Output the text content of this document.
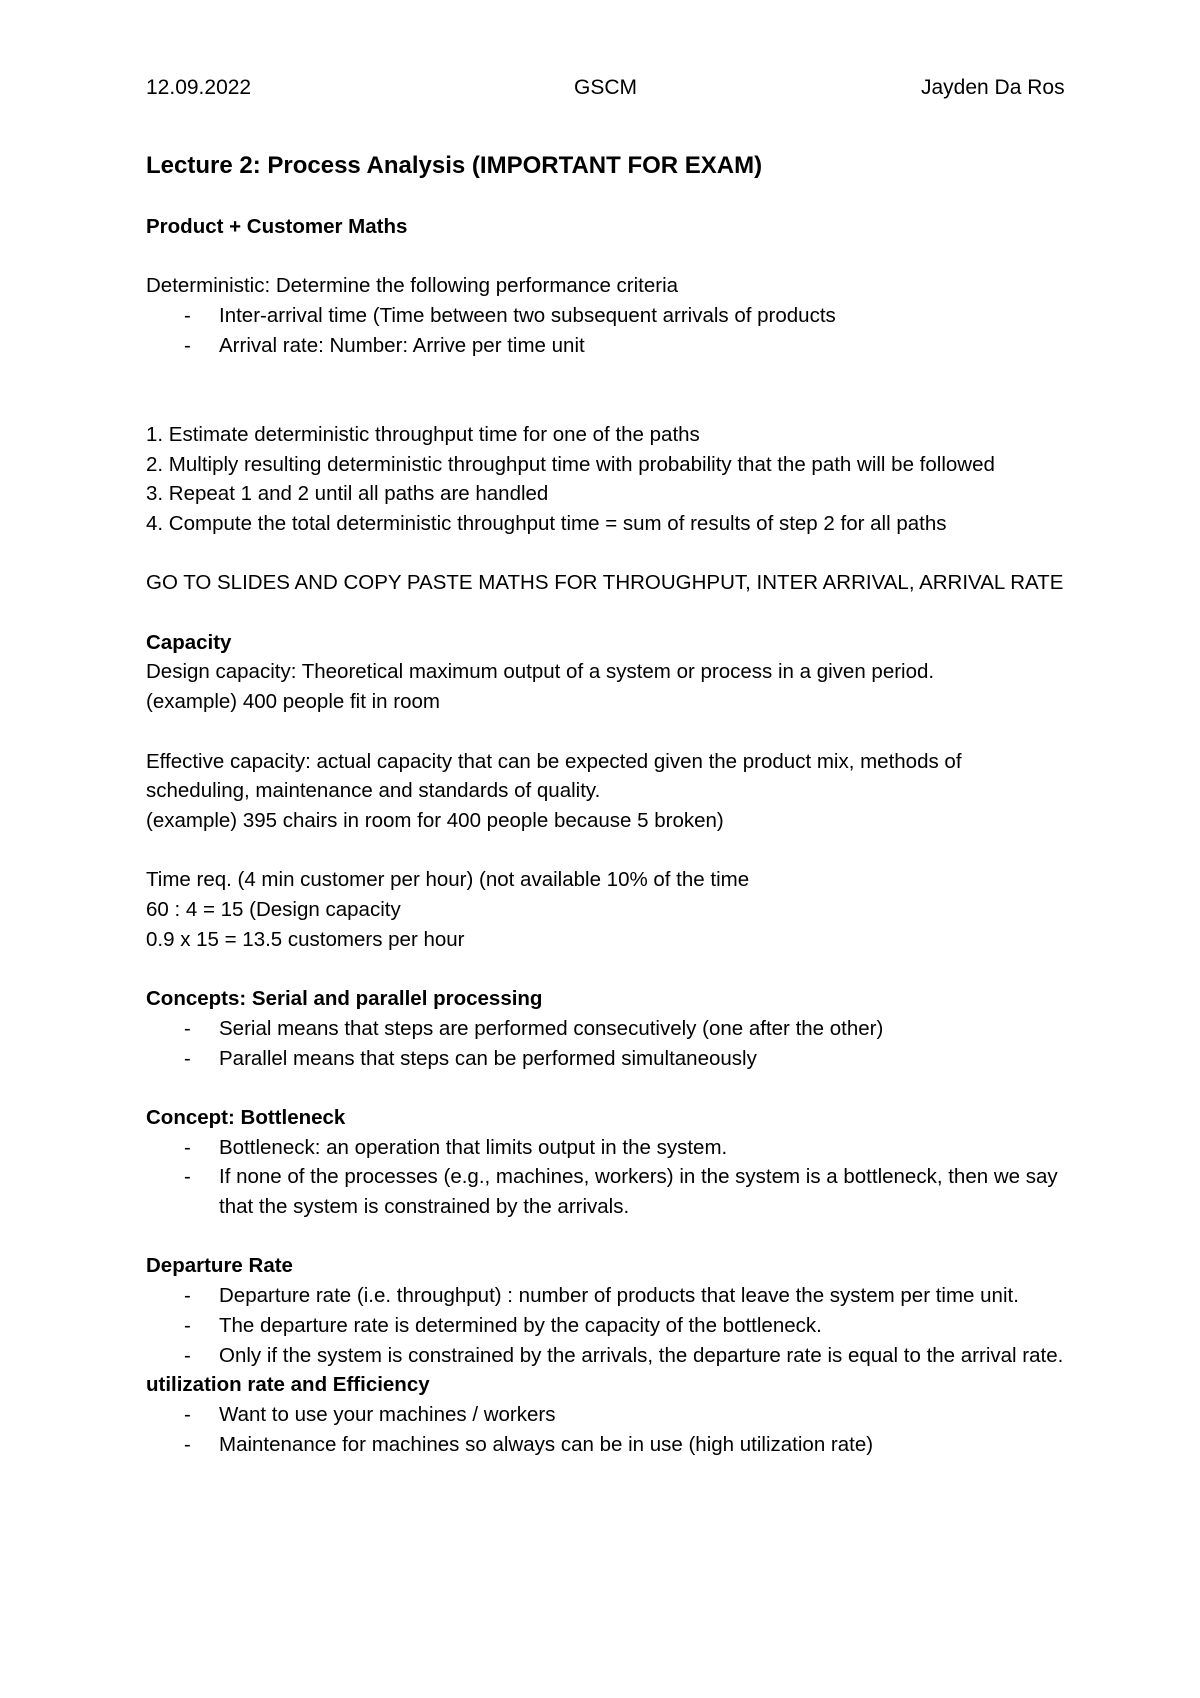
12.09.2022	GSCM	Jayden Da Ros
Lecture 2: Process Analysis (IMPORTANT FOR EXAM)

Product + Customer Maths

Deterministic: Determine the following performance criteria

- Inter-arrival time (Time between two subsequent arrivals of products
- Arrival rate: Number: Arrive per time unit

1. Estimate deterministic throughput time for one of the paths

2. Multiply resulting deterministic throughput time with probability that the path will be followed

3. Repeat 1 and 2 until all paths are handled

4. Compute the total deterministic throughput time = sum of results of step 2 for all paths

GO TO SLIDES AND COPY PASTE MATHS FOR THROUGHPUT, INTER ARRIVAL, ARRIVAL RATE

Capacity

Design capacity: Theoretical maximum output of a system or process in a given period.

(example) 400 people fit in room

Effective capacity: actual capacity that can be expected given the product mix, methods of scheduling, maintenance and standards of quality.

(example) 395 chairs in room for 400 people because 5 broken)

Time req. (4 min customer per hour) (not available 10% of the time

60 : 4 = 15 (Design capacity

0.9 x 15 = 13.5 customers per hour

Concepts: Serial and parallel processing

- Serial means that steps are performed consecutively (one after the other)
- Parallel means that steps can be performed simultaneously

Concept: Bottleneck

- Bottleneck: an operation that limits output in the system.
- If none of the processes (e.g., machines, workers) in the system is a bottleneck, then we say that the system is constrained by the arrivals.

Departure Rate

- Departure rate (i.e. throughput) : number of products that leave the system per time unit.
- The departure rate is determined by the capacity of the bottleneck.
- Only if the system is constrained by the arrivals, the departure rate is equal to the arrival rate.

utilization rate and Efficiency

- Want to use your machines / workers
- Maintenance for machines so always can be in use (high utilization rate)
